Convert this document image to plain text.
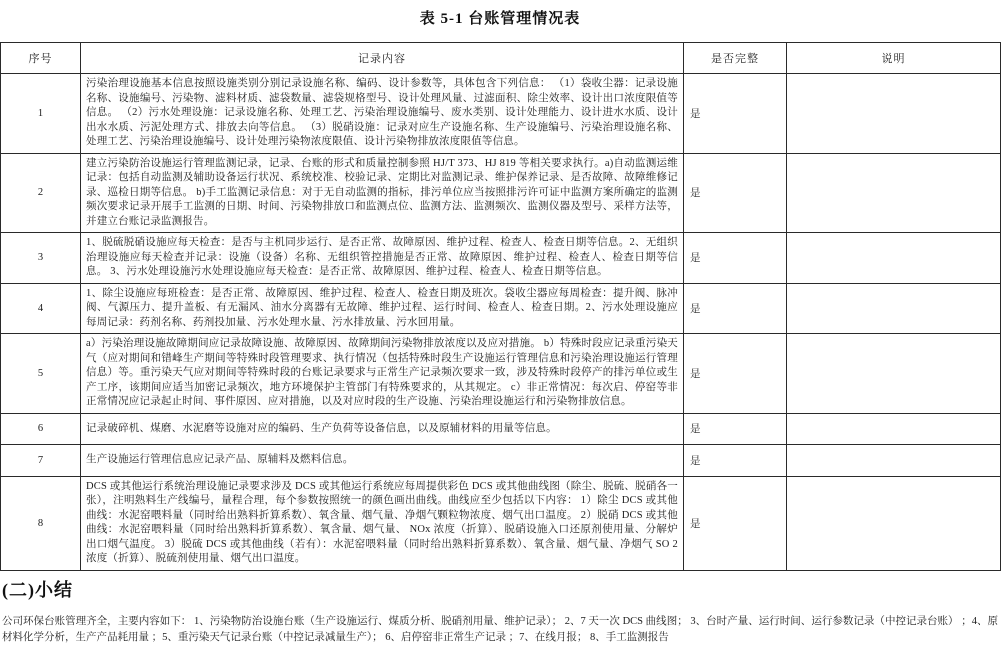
表 5-1 台账管理情况表
序号	记录内容	是否完整	说明
1	污染治理设施基本信息按照设施类别分别记录设施名称、编码、设计参数等，具体包含下列信息： （1）袋收尘器：记录设施名称、设施编号、污染物、滤料材质、滤袋数量、滤袋规格型号、设计处理风量、过滤面积、除尘效率、设计出口浓度限值等信息。 （2）污水处理设施：记录设施名称、处理工艺、污染治理设施编号、废水类别、设计处理能力、设计进水水质、设计出水水质、污泥处理方式、排放去向等信息。 （3）脱硝设施：记录对应生产设施名称、生产设施编号、污染治理设施名称、处理工艺、污染治理设施编号、设计处理污染物浓度限值、设计污染物排放浓度限值等信息。	是	
2	建立污染防治设施运行管理监测记录，记录、台账的形式和质量控制参照 HJ/T 373、HJ 819 等相关要求执行。a)自动监测运维记录：包括自动监测及辅助设备运行状况、系统校准、校验记录、定期比对监测记录、维护保养记录、是否故障、故障维修记录、巡检日期等信息。 b)手工监测记录信息：对于无自动监测的指标，排污单位应当按照排污许可证中监测方案所确定的监测频次要求记录开展手工监测的日期、时间、污染物排放口和监测点位、监测方法、监测频次、监测仪器及型号、采样方法等，并建立台账记录监测报告。	是	
3	1、脱硫脱硝设施应每天检查：是否与主机同步运行、是否正常、故障原因、维护过程、检查人、检查日期等信息。2、无组织治理设施应每天检查并记录：设施（设备）名称、无组织管控措施是否正常、故障原因、维护过程、检查人、检查日期等信息。 3、污水处理设施污水处理设施应每天检查：是否正常、故障原因、维护过程、检查人、检查日期等信息。	是	
4	1、除尘设施应每班检查：是否正常、故障原因、维护过程、检查人、检查日期及班次。袋收尘器应每周检查：提升阀、脉冲阀、气源压力、提升盖板、有无漏风、油水分离器有无故障、维护过程、运行时间、检查人、检查日期。2、污水处理设施应每周记录：药剂名称、药剂投加量、污水处理水量、污水排放量、污水回用量。	是	
5	a）污染治理设施故障期间应记录故障设施、故障原因、故障期间污染物排放浓度以及应对措施。 b）特殊时段应记录重污染天气（应对期间和错峰生产期间等特殊时段管理要求、执行情况（包括特殊时段生产设施运行管理信息和污染治理设施运行管理信息）等。重污染天气应对期间等特殊时段的台账记录要求与正常生产记录频次要求一致，涉及特殊时段停产的排污单位或生产工序，该期间应适当加密记录频次，地方环境保护主管部门有特殊要求的，从其规定。 c）非正常情况：每次启、停窑等非正常情况应记录起止时间、事件原因、应对措施，以及对应时段的生产设施、污染治理设施运行和污染物排放信息。	是	
6	记录破碎机、煤磨、水泥磨等设施对应的编码、生产负荷等设备信息，以及原辅材料的用量等信息。	是	
7	生产设施运行管理信息应记录产品、原辅料及燃料信息。	是	
8	DCS 或其他运行系统治理设施记录要求涉及 DCS 或其他运行系统应每周提供彩色 DCS 或其他曲线图（除尘、脱硫、脱硝各一张），注明熟料生产线编号，量程合理，每个参数按照统一的颜色画出曲线。曲线应至少包括以下内容： 1）除尘 DCS 或其他曲线：水泥窑喂料量（同时给出熟料折算系数）、氧含量、烟气量、净烟气颗粒物浓度、烟气出口温度。 2）脱硝 DCS 或其他曲线：水泥窑喂料量（同时给出熟料折算系数）、氧含量、烟气量、 NOx 浓度（折算）、脱硝设施入口还原剂使用量、分解炉出口烟气温度。 3）脱硫 DCS 或其他曲线（若有）：水泥窑喂料量（同时给出熟料折算系数）、氧含量、烟气量、净烟气 SO 2 浓度（折算）、脱硫剂使用量、烟气出口温度。	是	
(二)小结
公司环保台账管理齐全，主要内容如下： 1、污染物防治设施台账（生产设施运行、煤质分析、脱硝剂用量、维护记录）； 2、7 天一次 DCS 曲线图； 3、台时产量、运行时间、运行参数记录（中控记录台账） ；4、原材料化学分析，生产产品耗用量 ；5、重污染天气记录台账（中控记录减量生产）； 6、启停窑非正常生产记录 ；7、在线月报； 8、手工监测报告
